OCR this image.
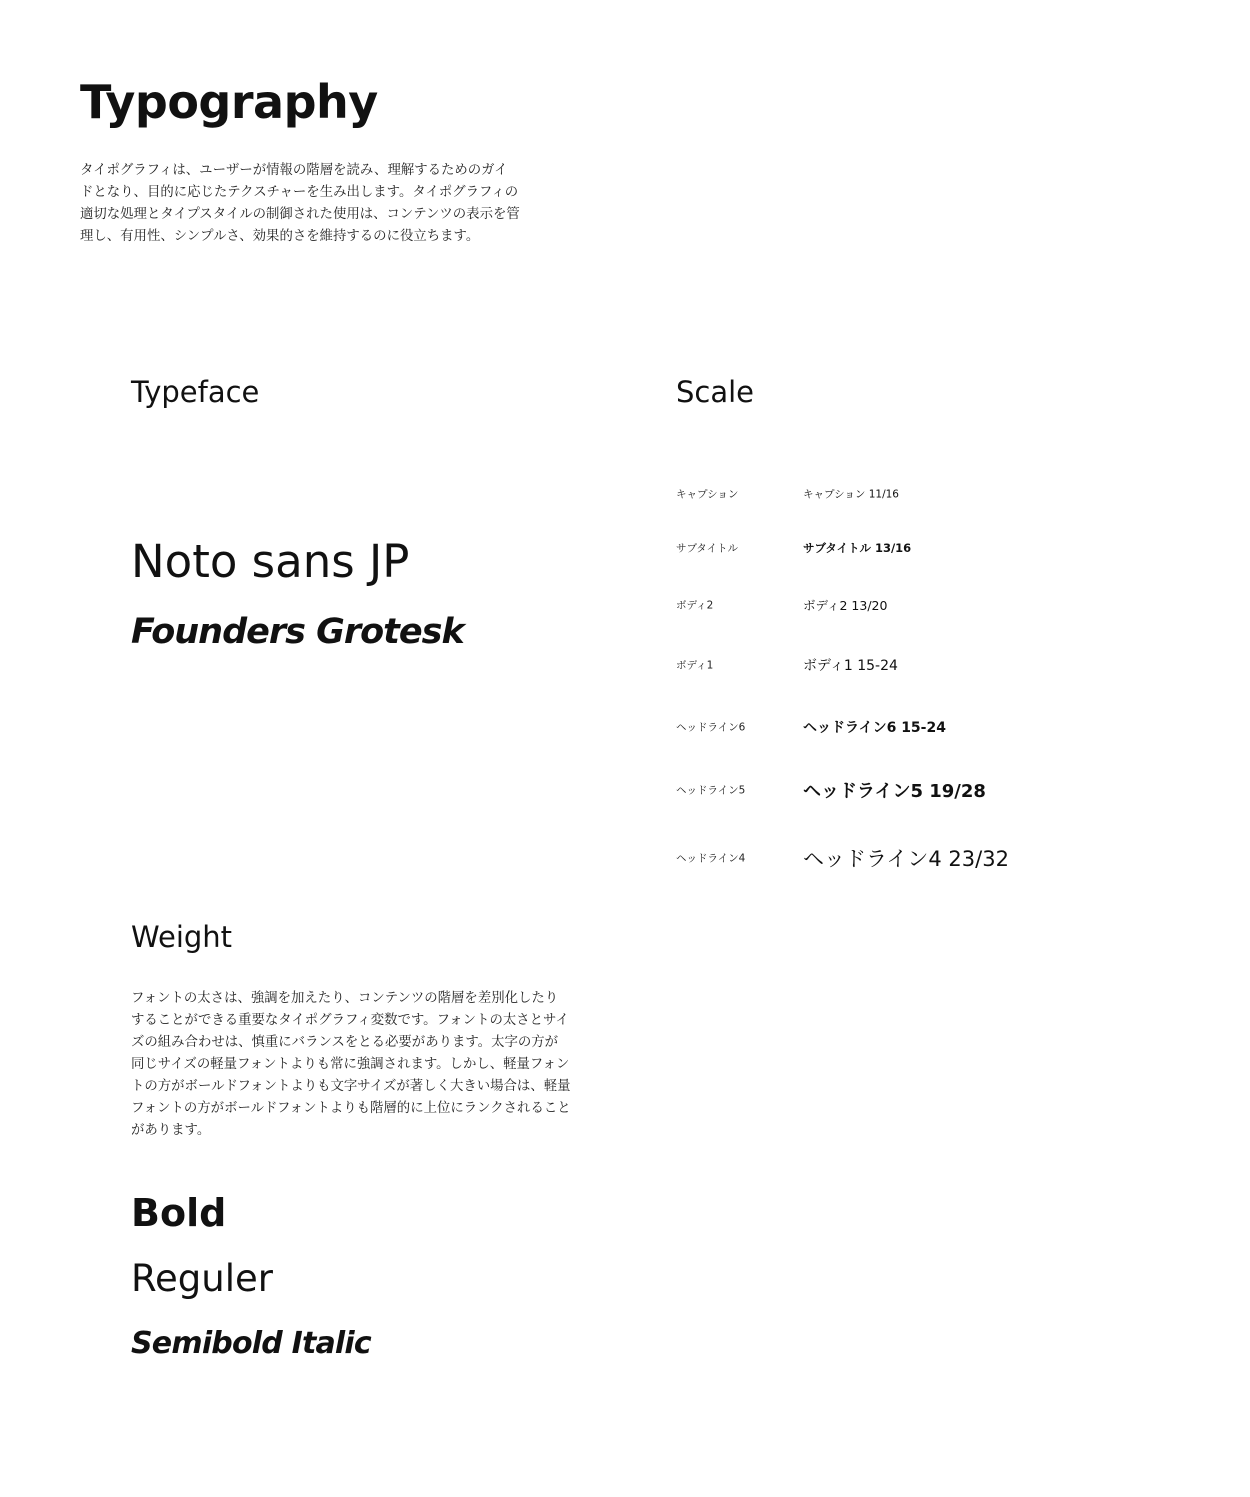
Typography

タイポグラフィは、ユーザーが情報の階層を読み、理解するためのガイドとなり、目的に応じたテクスチャーを生み出します。タイポグラフィの適切な処理とタイプスタイルの制御された使用は、コンテンツの表示を管理し、有用性、シンプルさ、効果的さを維持するのに役立ちます。

Typeface
Noto sans JP
Founders Grotesk
Scale
キャプション	キャプション 11/16
サブタイトル	サブタイトル 13/16
ボディ2	ボディ2 13/20
ボディ1	ボディ1 15-24
ヘッドライン6	ヘッドライン6 15-24
ヘッドライン5	ヘッドライン5 19/28
ヘッドライン4	ヘッドライン4 23/32
Weight

フォントの太さは、強調を加えたり、コンテンツの階層を差別化したりすることができる重要なタイポグラフィ変数です。フォントの太さとサイズの組み合わせは、慎重にバランスをとる必要があります。太字の方が同じサイズの軽量フォントよりも常に強調されます。しかし、軽量フォントの方がボールドフォントよりも文字サイズが著しく大きい場合は、軽量フォントの方がボールドフォントよりも階層的に上位にランクされることがあります。

Bold
Reguler
Semibold Italic
